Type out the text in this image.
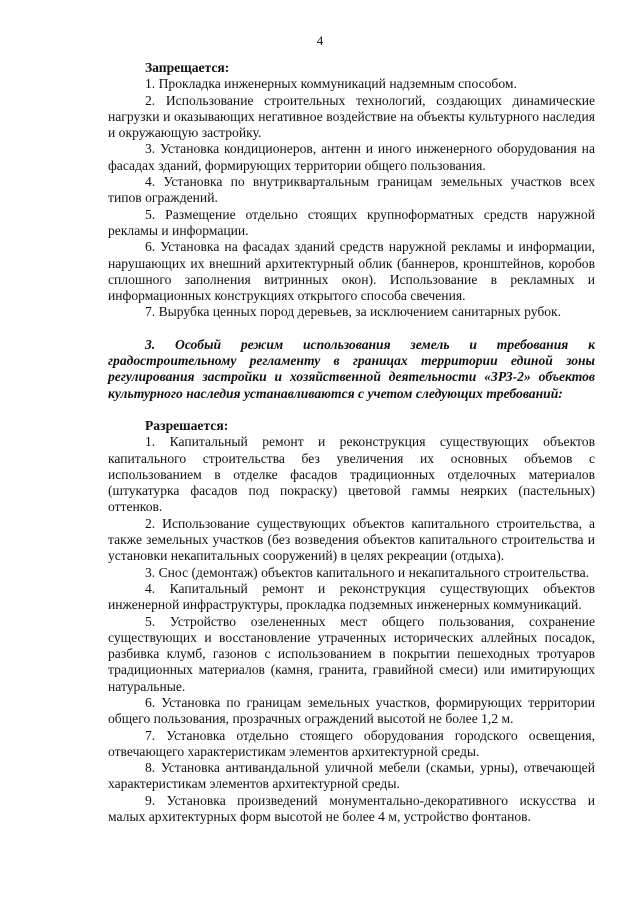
4

Запрещается:

1. Прокладка инженерных коммуникаций надземным способом.

2. Использование строительных технологий, создающих динамические нагрузки и оказывающих негативное воздействие на объекты культурного наследия и окружающую застройку.

3. Установка кондиционеров, антенн и иного инженерного оборудования на фасадах зданий, формирующих территории общего пользования.

4. Установка по внутриквартальным границам земельных участков всех типов ограждений.

5. Размещение отдельно стоящих крупноформатных средств наружной рекламы и информации.

6. Установка на фасадах зданий средств наружной рекламы и информации, нарушающих их внешний архитектурный облик (баннеров, кронштейнов, коробов сплошного заполнения витринных окон). Использование в рекламных и информационных конструкциях открытого способа свечения.

7. Вырубка ценных пород деревьев, за исключением санитарных рубок.

3. Особый режим использования земель и требования к градостроительному регламенту в границах территории единой зоны регулирования застройки и хозяйственной деятельности «ЗРЗ-2» объектов культурного наследия устанавливаются с учетом следующих требований:

Разрешается:

1. Капитальный ремонт и реконструкция существующих объектов капитального строительства без увеличения их основных объемов с использованием в отделке фасадов традиционных отделочных материалов (штукатурка фасадов под покраску) цветовой гаммы неярких (пастельных) оттенков.

2. Использование существующих объектов капитального строительства, а также земельных участков (без возведения объектов капитального строительства и установки некапитальных сооружений) в целях рекреации (отдыха).

3. Снос (демонтаж) объектов капитального и некапитального строительства.

4. Капитальный ремонт и реконструкция существующих объектов инженерной инфраструктуры, прокладка подземных инженерных коммуникаций.

5. Устройство озелененных мест общего пользования, сохранение существующих и восстановление утраченных исторических аллейных посадок, разбивка клумб, газонов с использованием в покрытии пешеходных тротуаров традиционных материалов (камня, гранита, гравийной смеси) или имитирующих натуральные.

6. Установка по границам земельных участков, формирующих территории общего пользования, прозрачных ограждений высотой не более 1,2 м.

7. Установка отдельно стоящего оборудования городского освещения, отвечающего характеристикам элементов архитектурной среды.

8. Установка антивандальной уличной мебели (скамьи, урны), отвечающей характеристикам элементов архитектурной среды.

9. Установка произведений монументально-декоративного искусства и малых архитектурных форм высотой не более 4 м, устройство фонтанов.
